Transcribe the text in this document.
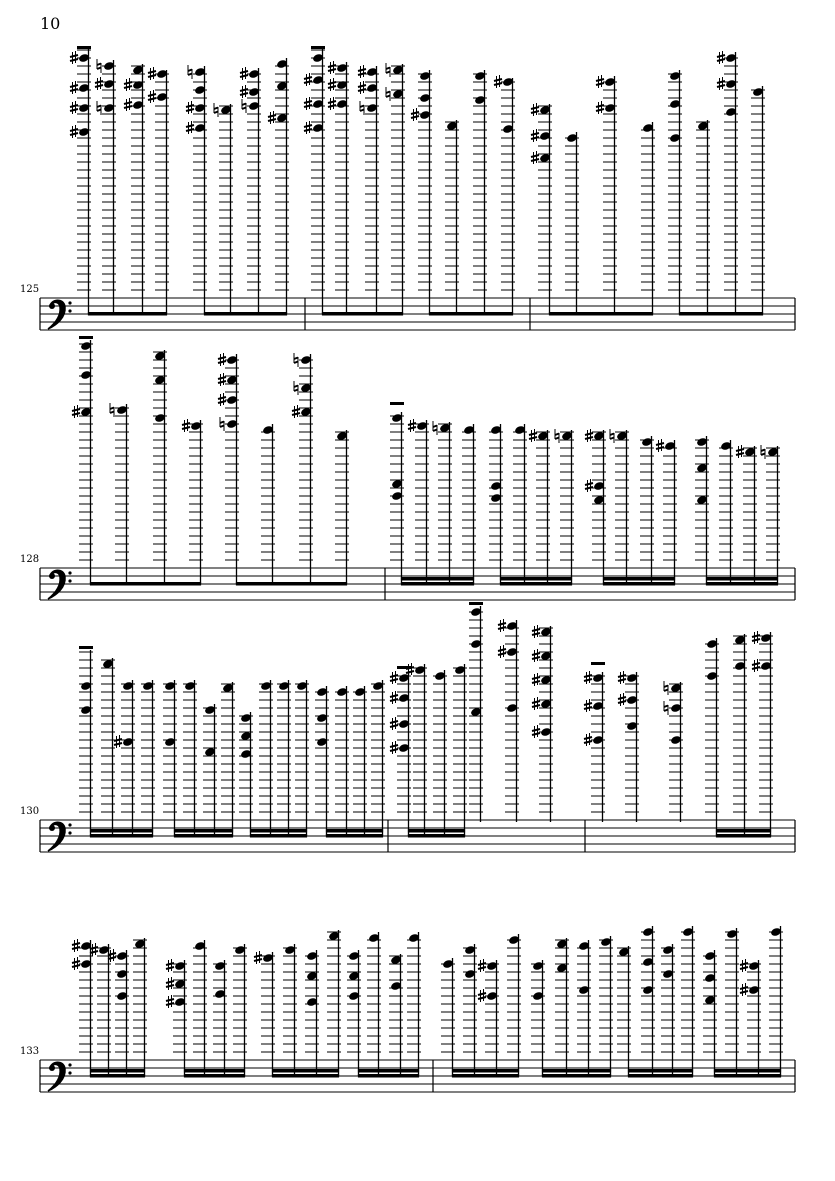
10
125
128
130
133
